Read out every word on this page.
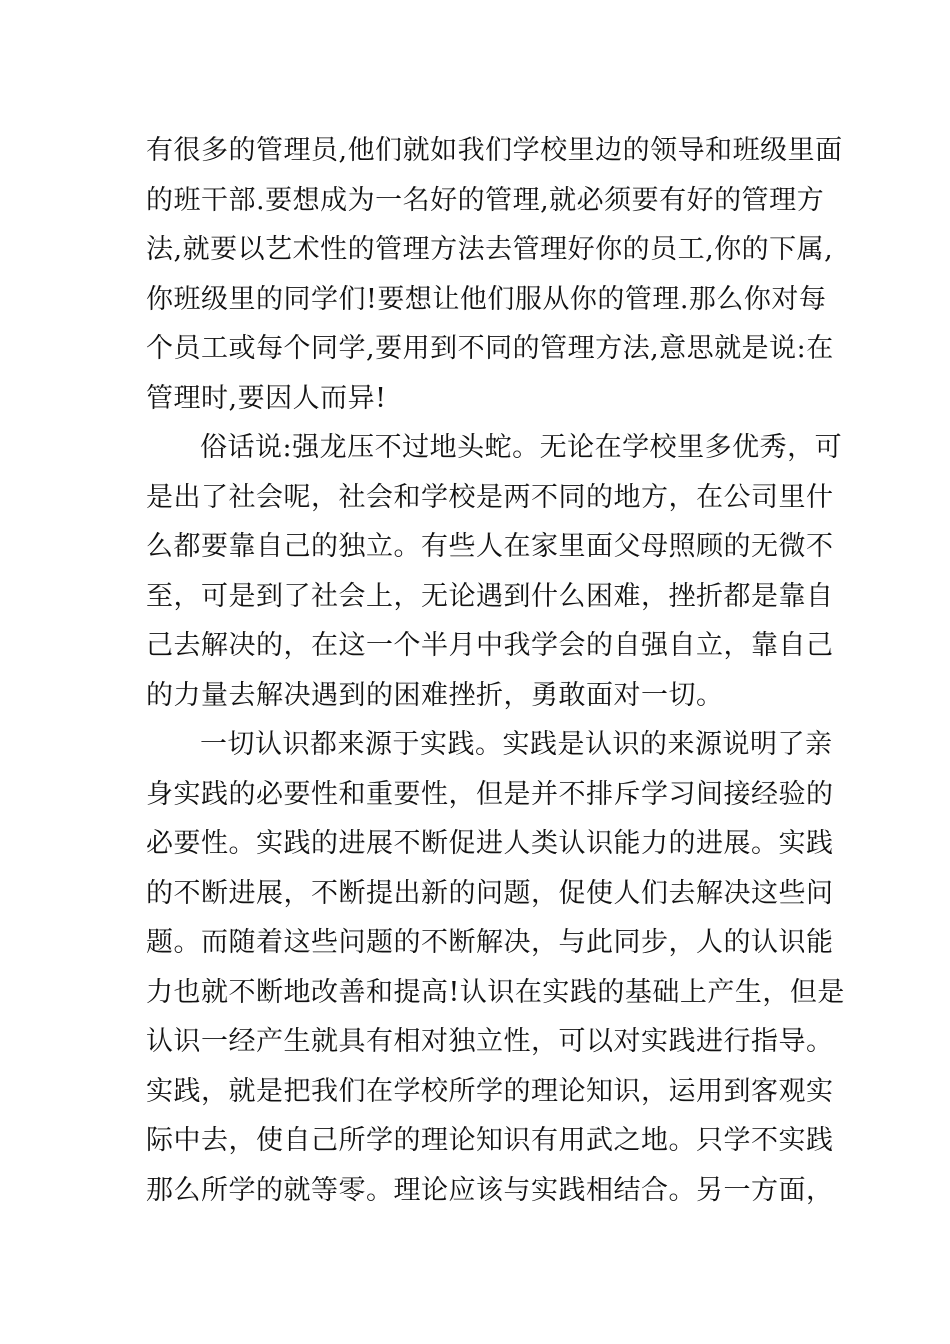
有很多的管理员,他们就如我们学校里边的领导和班级里面
的班干部.要想成为一名好的管理,就必须要有好的管理方
法,就要以艺术性的管理方法去管理好你的员工,你的下属,
你班级里的同学们!要想让他们服从你的管理.那么你对每
个员工或每个同学,要用到不同的管理方法,意思就是说:在
管理时,要因人而异!
俗话说:强龙压不过地头蛇。无论在学校里多优秀，可
是出了社会呢，社会和学校是两不同的地方，在公司里什
么都要靠自己的独立。有些人在家里面父母照顾的无微不
至，可是到了社会上，无论遇到什么困难，挫折都是靠自
己去解决的，在这一个半月中我学会的自强自立，靠自己
的力量去解决遇到的困难挫折，勇敢面对一切。
一切认识都来源于实践。实践是认识的来源说明了亲
身实践的必要性和重要性，但是并不排斥学习间接经验的
必要性。实践的进展不断促进人类认识能力的进展。实践
的不断进展，不断提出新的问题，促使人们去解决这些问
题。而随着这些问题的不断解决，与此同步，人的认识能
力也就不断地改善和提高!认识在实践的基础上产生，但是
认识一经产生就具有相对独立性，可以对实践进行指导。
实践，就是把我们在学校所学的理论知识，运用到客观实
际中去，使自己所学的理论知识有用武之地。只学不实践
那么所学的就等零。理论应该与实践相结合。另一方面，
